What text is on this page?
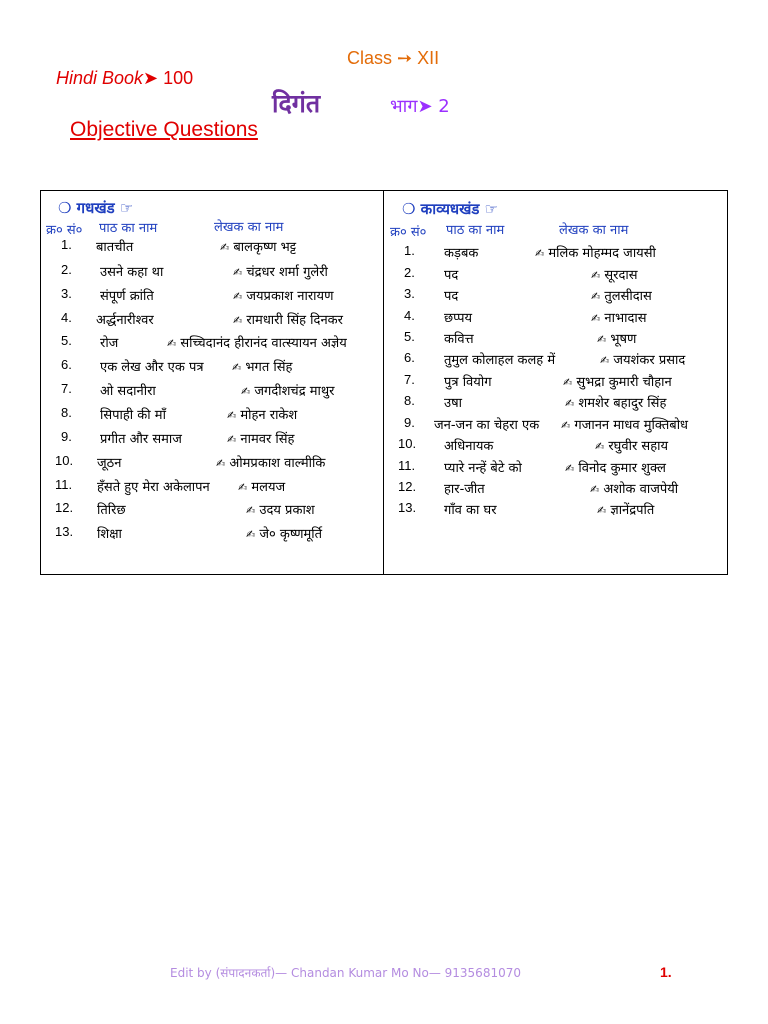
Class ➙ XII
Hindi Book➤ 100
दिगंत	भाग➤ 2
Objective Questions
❍ गधखंड ☞
क्र० सं० पाठ का नाम	लेखक का नाम
1. बातचीत	✍ बालकृष्ण भट्ट
2. उसने कहा था	✍ चंद्रधर शर्मा गुलेरी
3. संपूर्ण क्रांति	✍ जयप्रकाश नारायण
4. अर्द्धनारीश्वर	✍ रामधारी सिंह दिनकर
5. रोज	✍ सच्चिदानंद हीरानंद वात्स्यायन अज्ञेय
6. एक लेख और एक पत्र	✍ भगत सिंह
7. ओ सदानीरा	✍ जगदीशचंद्र माथुर
8. सिपाही की माँ	✍ मोहन राकेश
9. प्रगीत और समाज	✍ नामवर सिंह
10. जूठन	✍ ओमप्रकाश वाल्मीकि
11. हँसते हुए मेरा अकेलापन	✍ मलयज
12. तिरिछ	✍ उदय प्रकाश
13. शिक्षा	✍ जे० कृष्णमूर्ति
❍ काव्यधखंड ☞
क्र० सं० पाठ का नाम	लेखक का नाम
1. कड़बक	✍ मलिक मोहम्मद जायसी
2. पद	✍ सूरदास
3. पद	✍ तुलसीदास
4. छप्पय	✍ नाभादास
5. कवित्त	✍ भूषण
6. तुमुल कोलाहल कलह में	✍ जयशंकर प्रसाद
7. पुत्र वियोग	✍ सुभद्रा कुमारी चौहान
8. उषा	✍ शमशेर बहादुर सिंह
9. जन-जन का चेहरा एक ✍ गजानन माधव मुक्तिबोध
10. अधिनायक	✍ रघुवीर सहाय
11. प्यारे नन्हें बेटे को	✍ विनोद कुमार शुक्ल
12. हार-जीत	✍ अशोक वाजपेयी
13. गाँव का घर	✍ ज्ञानेंद्रपति
Edit by (संपादनकर्ता)— Chandan Kumar Mo No— 9135681070	1.
